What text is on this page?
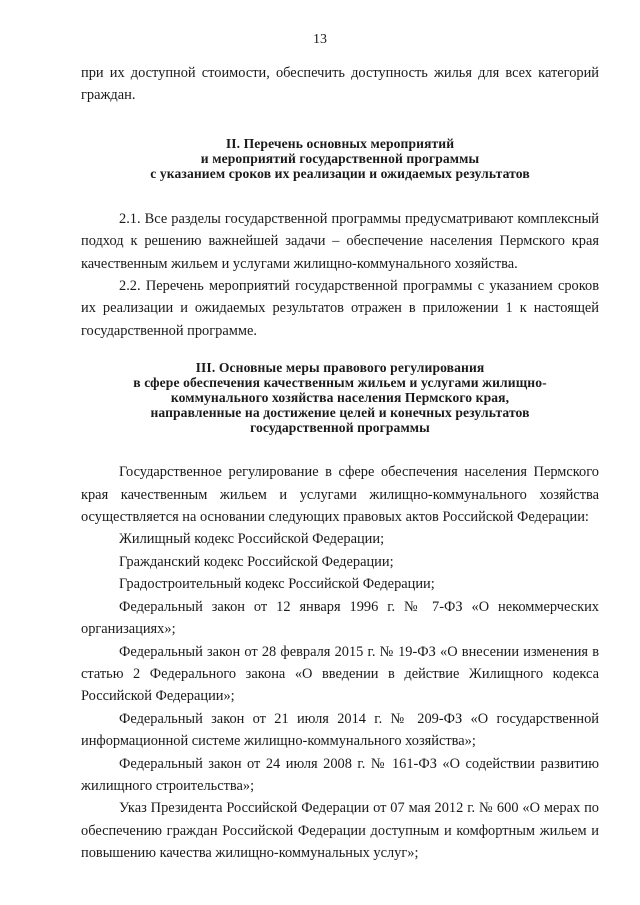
13

при их доступной стоимости, обеспечить доступность жилья для всех категорий граждан.

II. Перечень основных мероприятий
и мероприятий государственной программы
с указанием сроков их реализации и ожидаемых результатов

2.1. Все разделы государственной программы предусматривают комплексный подход к решению важнейшей задачи – обеспечение населения Пермского края качественным жильем и услугами жилищно-коммунального хозяйства.

2.2. Перечень мероприятий государственной программы с указанием сроков их реализации и ожидаемых результатов отражен в приложении 1 к настоящей государственной программе.

III. Основные меры правового регулирования
в сфере обеспечения качественным жильем и услугами жилищно-
коммунального хозяйства населения Пермского края,
направленные на достижение целей и конечных результатов
государственной программы

Государственное регулирование в сфере обеспечения населения Пермского края качественным жильем и услугами жилищно-коммунального хозяйства осуществляется на основании следующих правовых актов Российской Федерации:

Жилищный кодекс Российской Федерации;

Гражданский кодекс Российской Федерации;

Градостроительный кодекс Российской Федерации;

Федеральный закон от 12 января 1996 г. № 7-ФЗ «О некоммерческих организациях»;

Федеральный закон от 28 февраля 2015 г. № 19-ФЗ «О внесении изменения в статью 2 Федерального закона «О введении в действие Жилищного кодекса Российской Федерации»;

Федеральный закон от 21 июля 2014 г. № 209-ФЗ «О государственной информационной системе жилищно-коммунального хозяйства»;

Федеральный закон от 24 июля 2008 г. № 161-ФЗ «О содействии развитию жилищного строительства»;

Указ Президента Российской Федерации от 07 мая 2012 г. № 600 «О мерах по обеспечению граждан Российской Федерации доступным и комфортным жильем и повышению качества жилищно-коммунальных услуг»;
